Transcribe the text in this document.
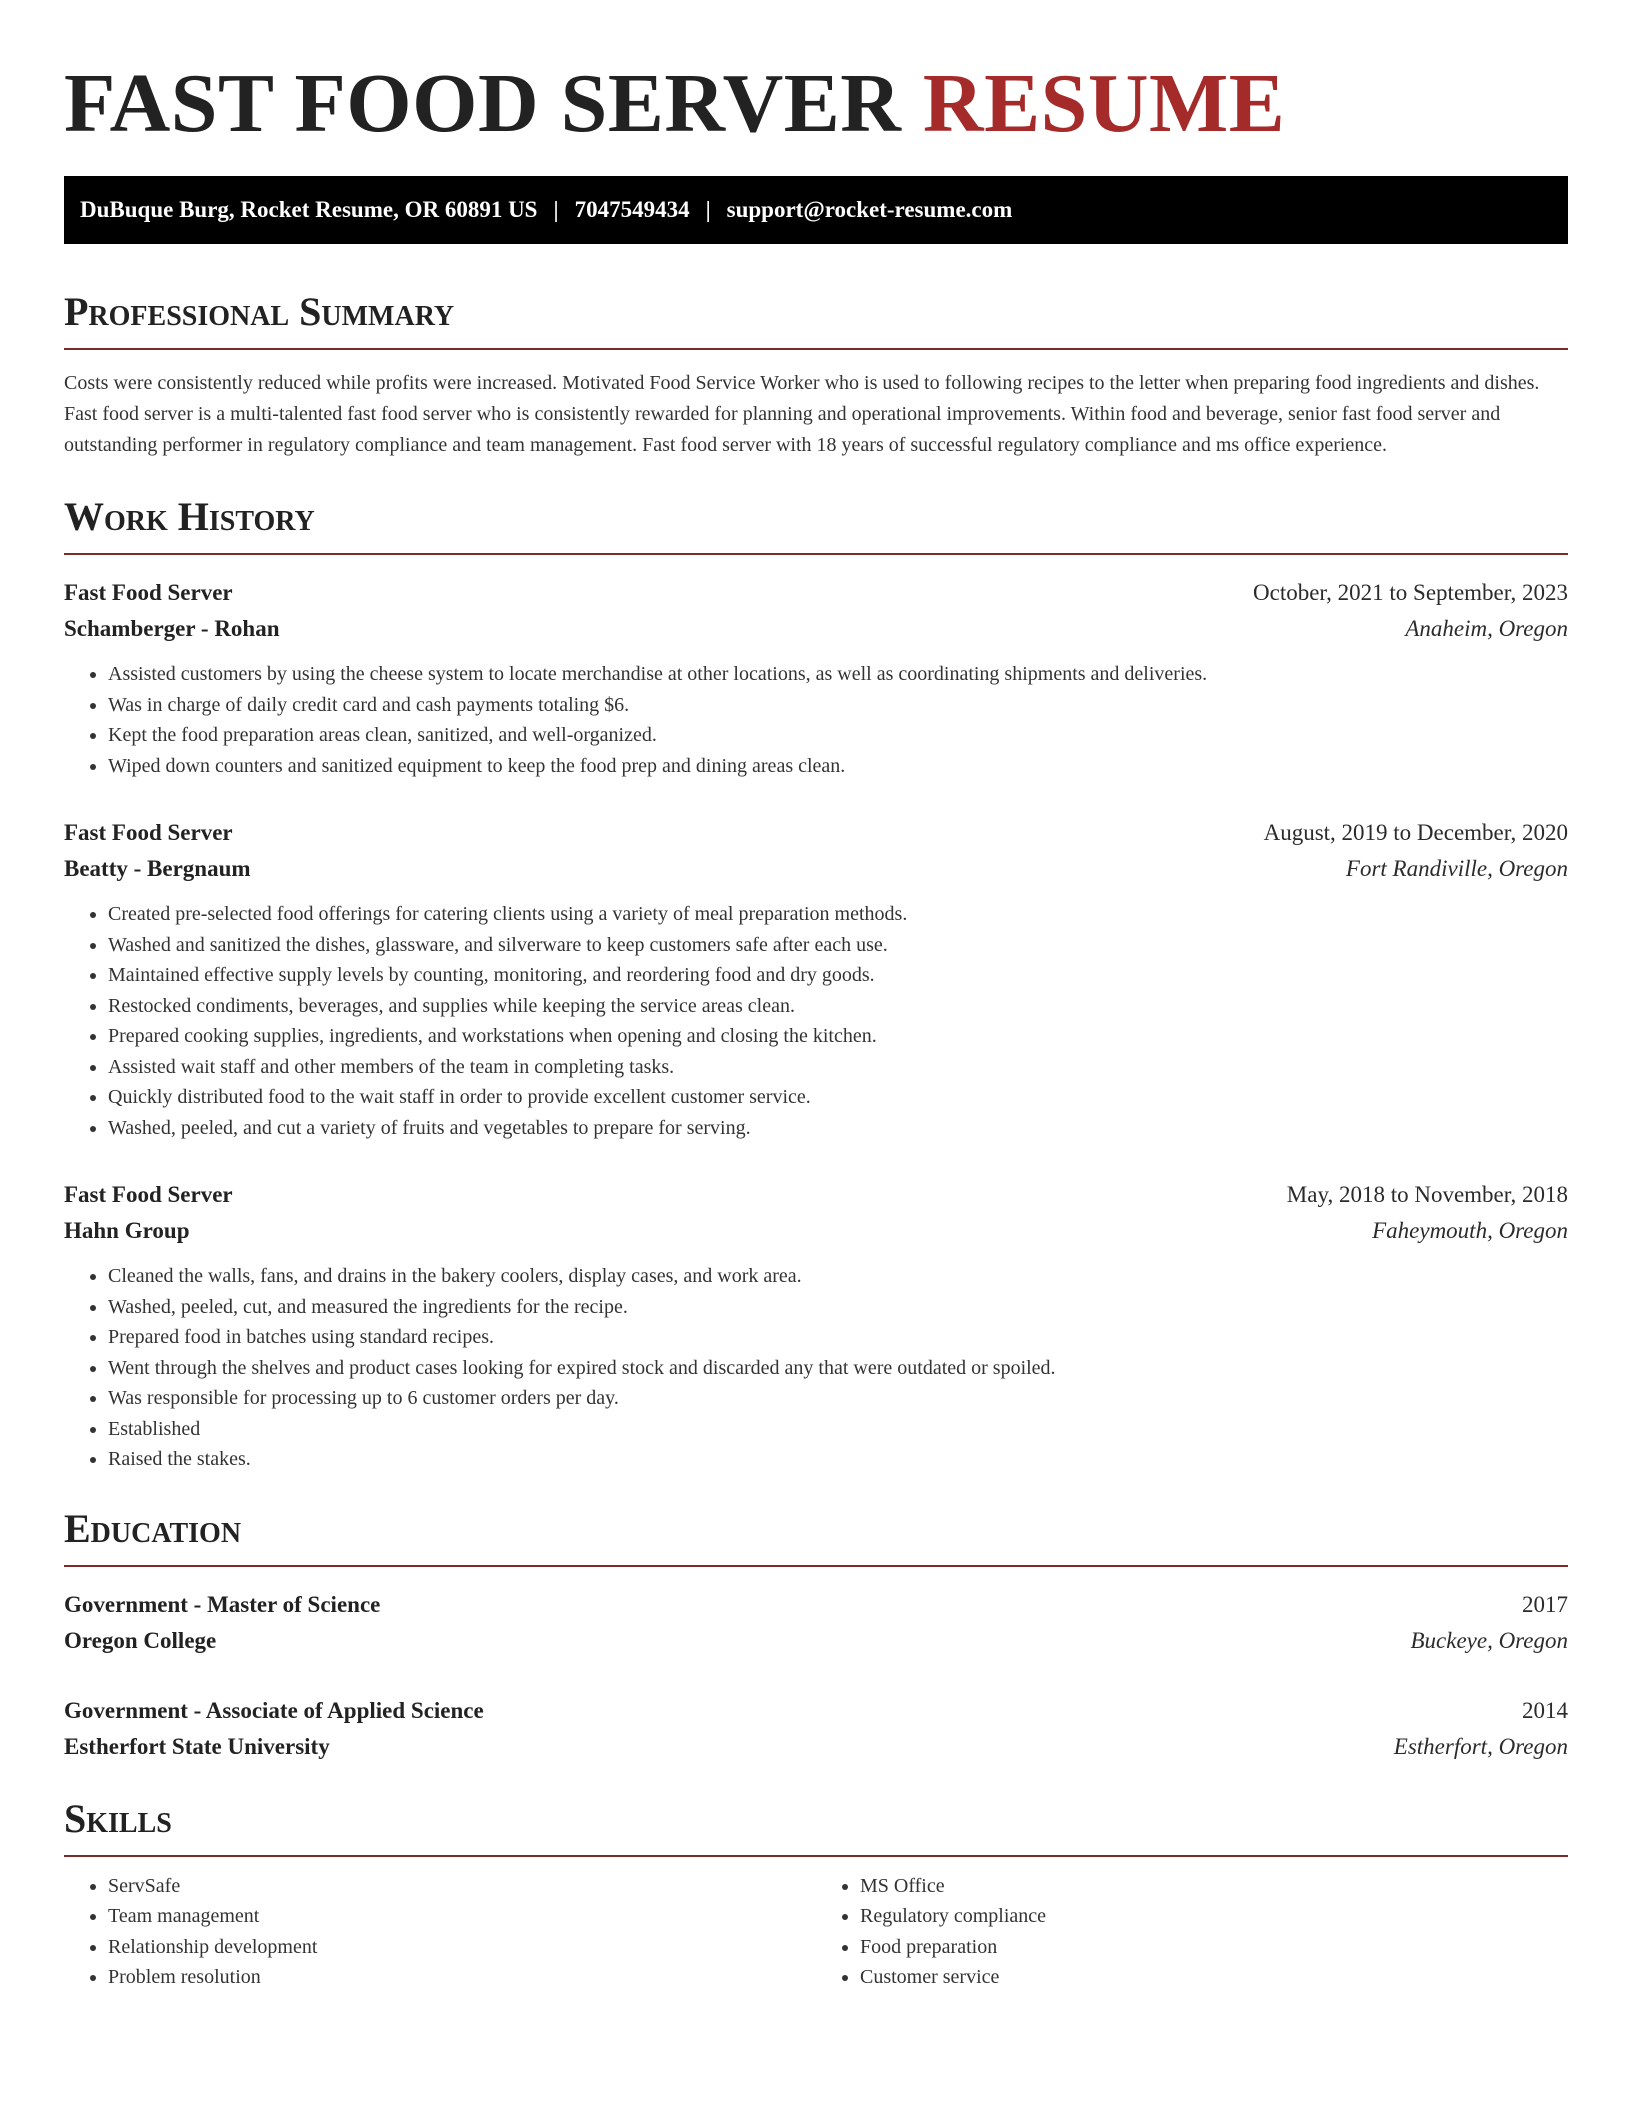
FAST FOOD SERVER RESUME
DuBuque Burg, Rocket Resume, OR 60891 US | 7047549434 | support@rocket-resume.com
Professional Summary

Costs were consistently reduced while profits were increased. Motivated Food Service Worker who is used to following recipes to the letter when preparing food ingredients and dishes. Fast food server is a multi-talented fast food server who is consistently rewarded for planning and operational improvements. Within food and beverage, senior fast food server and outstanding performer in regulatory compliance and team management. Fast food server with 18 years of successful regulatory compliance and ms office experience.

Work History
Fast Food Server	October, 2021 to September, 2023
Schamberger - Rohan	Anaheim, Oregon
• Assisted customers by using the cheese system to locate merchandise at other locations, as well as coordinating shipments and deliveries.
• Was in charge of daily credit card and cash payments totaling $6.
• Kept the food preparation areas clean, sanitized, and well-organized.
• Wiped down counters and sanitized equipment to keep the food prep and dining areas clean.
Fast Food Server	August, 2019 to December, 2020
Beatty - Bergnaum	Fort Randiville, Oregon
• Created pre-selected food offerings for catering clients using a variety of meal preparation methods.
• Washed and sanitized the dishes, glassware, and silverware to keep customers safe after each use.
• Maintained effective supply levels by counting, monitoring, and reordering food and dry goods.
• Restocked condiments, beverages, and supplies while keeping the service areas clean.
• Prepared cooking supplies, ingredients, and workstations when opening and closing the kitchen.
• Assisted wait staff and other members of the team in completing tasks.
• Quickly distributed food to the wait staff in order to provide excellent customer service.
• Washed, peeled, and cut a variety of fruits and vegetables to prepare for serving.
Fast Food Server	May, 2018 to November, 2018
Hahn Group	Faheymouth, Oregon
• Cleaned the walls, fans, and drains in the bakery coolers, display cases, and work area.
• Washed, peeled, cut, and measured the ingredients for the recipe.
• Prepared food in batches using standard recipes.
• Went through the shelves and product cases looking for expired stock and discarded any that were outdated or spoiled.
• Was responsible for processing up to 6 customer orders per day.
• Established
• Raised the stakes.
Education
Government - Master of Science	2017
Oregon College	Buckeye, Oregon
Government - Associate of Applied Science	2014
Estherfort State University	Estherfort, Oregon
Skills
• ServSafe
• Team management
• Relationship development
• Problem resolution
• MS Office
• Regulatory compliance
• Food preparation
• Customer service
